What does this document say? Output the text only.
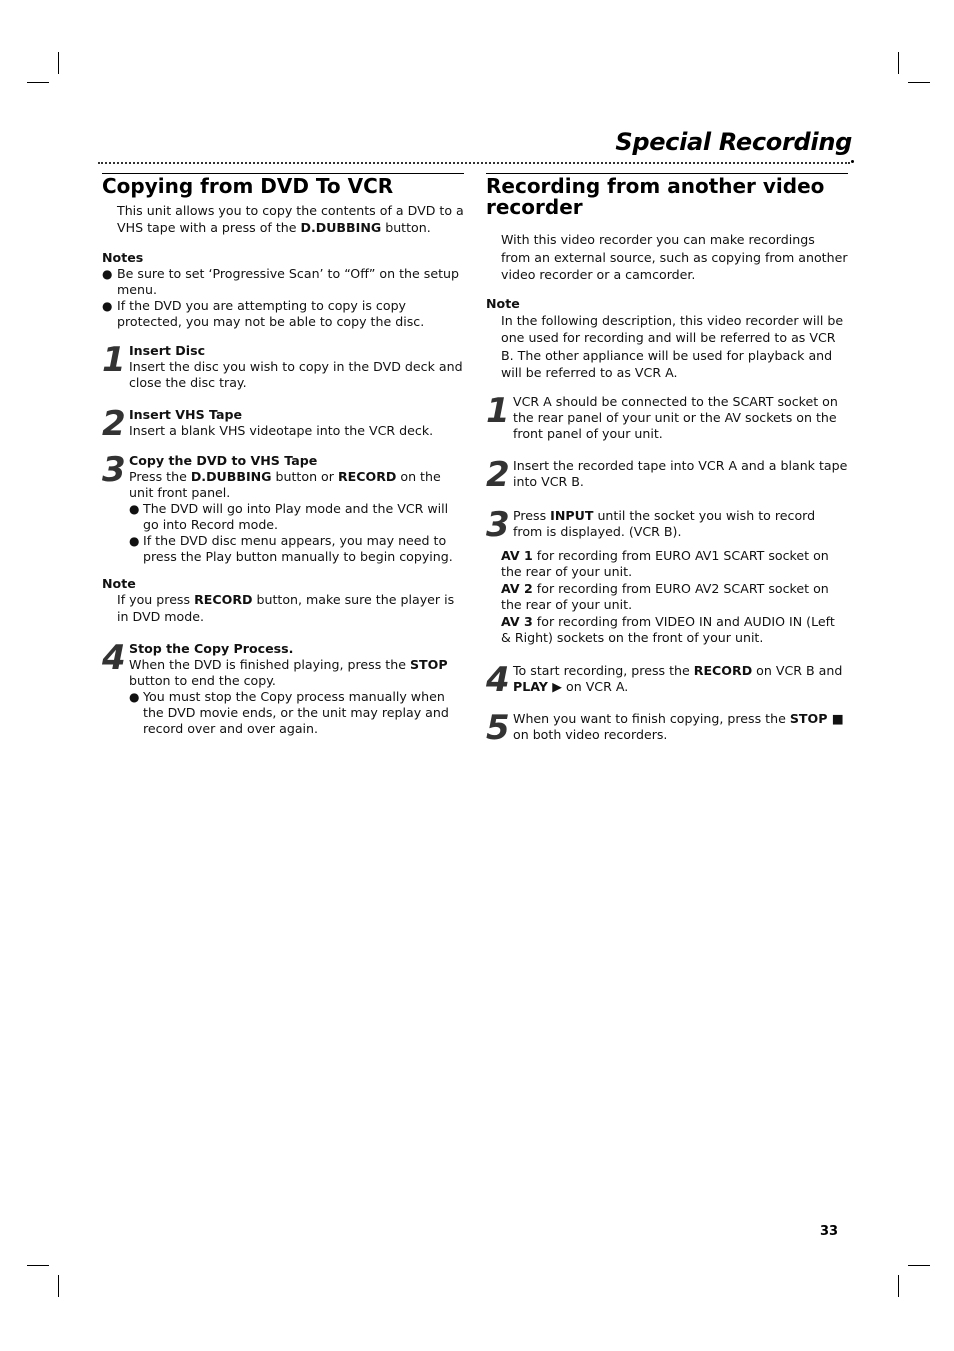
Special Recording
Copying from DVD To VCR

This unit allows you to copy the contents of a DVD to a VHS tape with a press of the D.DUBBING button.

Notes

● Be sure to set ‘Progressive Scan’ to “Off” on the setup menu.
● If the DVD you are attempting to copy is copy protected, you may not be able to copy the disc.
1 Insert Disc

Insert the disc you wish to copy in the DVD deck and close the disc tray.

2 Insert VHS Tape

Insert a blank VHS videotape into the VCR deck.

3 Copy the DVD to VHS Tape

Press the D.DUBBING button or RECORD on the unit front panel.

● The DVD will go into Play mode and the VCR will go into Record mode.
● If the DVD disc menu appears, you may need to press the Play button manually to begin copying.

Note

If you press RECORD button, make sure the player is in DVD mode.

4 Stop the Copy Process.

When the DVD is finished playing, press the STOP button to end the copy.

● You must stop the Copy process manually when the DVD movie ends, or the unit may replay and record over and over again.
Recording from another video recorder

With this video recorder you can make recordings from an external source, such as copying from another video recorder or a camcorder.

Note

In the following description, this video recorder will be one used for recording and will be referred to as VCR B. The other appliance will be used for playback and will be referred to as VCR A.

1 VCR A should be connected to the SCART socket on the rear panel of your unit or the AV sockets on the front panel of your unit.

2 Insert the recorded tape into VCR A and a blank tape into VCR B.

3 Press INPUT until the socket you wish to record from is displayed. (VCR B).

AV 1 for recording from EURO AV1 SCART socket on the rear of your unit.

AV 2 for recording from EURO AV2 SCART socket on the rear of your unit.

AV 3 for recording from VIDEO IN and AUDIO IN (Left & Right) sockets on the front of your unit.

4 To start recording, press the RECORD on VCR B and PLAY ▶ on VCR A.

5 When you want to finish copying, press the STOP ■ on both video recorders.

33
